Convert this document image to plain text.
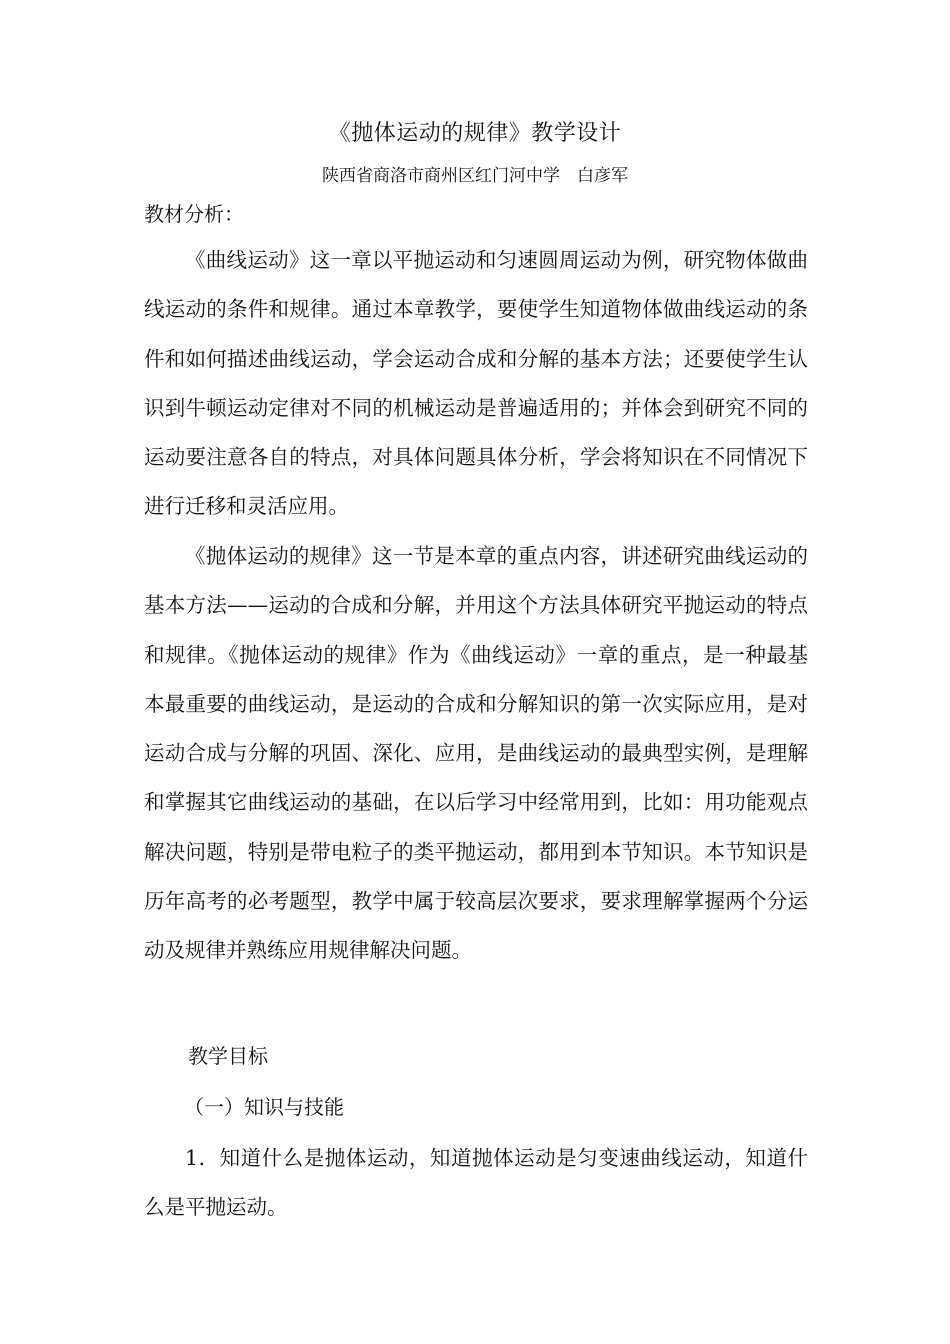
《抛体运动的规律》教学设计
陕西省商洛市商州区红门河中学　白彦军
教材分析：

《曲线运动》这一章以平抛运动和匀速圆周运动为例，研究物体做曲线运动的条件和规律。通过本章教学，要使学生知道物体做曲线运动的条件和如何描述曲线运动，学会运动合成和分解的基本方法；还要使学生认识到牛顿运动定律对不同的机械运动是普遍适用的；并体会到研究不同的运动要注意各自的特点，对具体问题具体分析，学会将知识在不同情况下进行迁移和灵活应用。

《抛体运动的规律》这一节是本章的重点内容，讲述研究曲线运动的基本方法——运动的合成和分解，并用这个方法具体研究平抛运动的特点和规律。《抛体运动的规律》作为《曲线运动》一章的重点，是一种最基本最重要的曲线运动，是运动的合成和分解知识的第一次实际应用，是对运动合成与分解的巩固、深化、应用，是曲线运动的最典型实例，是理解和掌握其它曲线运动的基础，在以后学习中经常用到，比如：用功能观点解决问题，特别是带电粒子的类平抛运动，都用到本节知识。本节知识是历年高考的必考题型，教学中属于较高层次要求，要求理解掌握两个分运动及规律并熟练应用规律解决问题。

教学目标
（一）知识与技能

1．知道什么是抛体运动，知道抛体运动是匀变速曲线运动，知道什么是平抛运动。
